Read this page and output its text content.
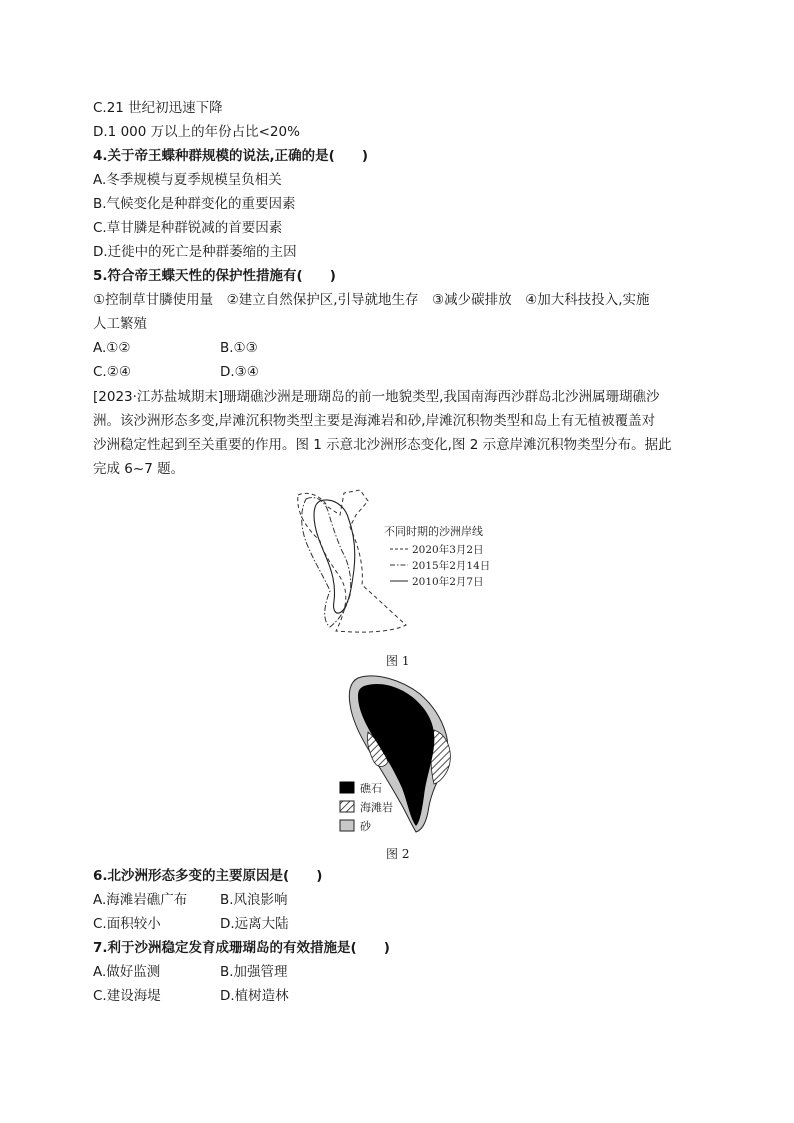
C.21 世纪初迅速下降
D.1 000 万以上的年份占比<20%
4.关于帝王蝶种群规模的说法,正确的是(　　)
A.冬季规模与夏季规模呈负相关
B.气候变化是种群变化的重要因素
C.草甘膦是种群锐减的首要因素
D.迁徙中的死亡是种群萎缩的主因
5.符合帝王蝶天性的保护性措施有(　　)
①控制草甘膦使用量　②建立自然保护区,引导就地生存　③减少碳排放　④加大科技投入,实施
人工繁殖
A.①②	B.①③
C.②④	D.③④
[2023·江苏盐城期末]珊瑚礁沙洲是珊瑚岛的前一地貌类型,我国南海西沙群岛北沙洲属珊瑚礁沙
洲。该沙洲形态多变,岸滩沉积物类型主要是海滩岩和砂,岸滩沉积物类型和岛上有无植被覆盖对
沙洲稳定性起到至关重要的作用。图 1 示意北沙洲形态变化,图 2 示意岸滩沉积物类型分布。据此
完成 6~7 题。
不同时期的沙洲岸线
2020年3月2日
2015年2月14日
2010年2月7日
图 1
礁石
海滩岩
砂
图 2
6.北沙洲形态多变的主要原因是(　　)
A.海滩岩礁广布 B.风浪影响
C.面积较小	D.远离大陆
7.利于沙洲稳定发育成珊瑚岛的有效措施是(　　)
A.做好监测	B.加强管理
C.建设海堤	D.植树造林
